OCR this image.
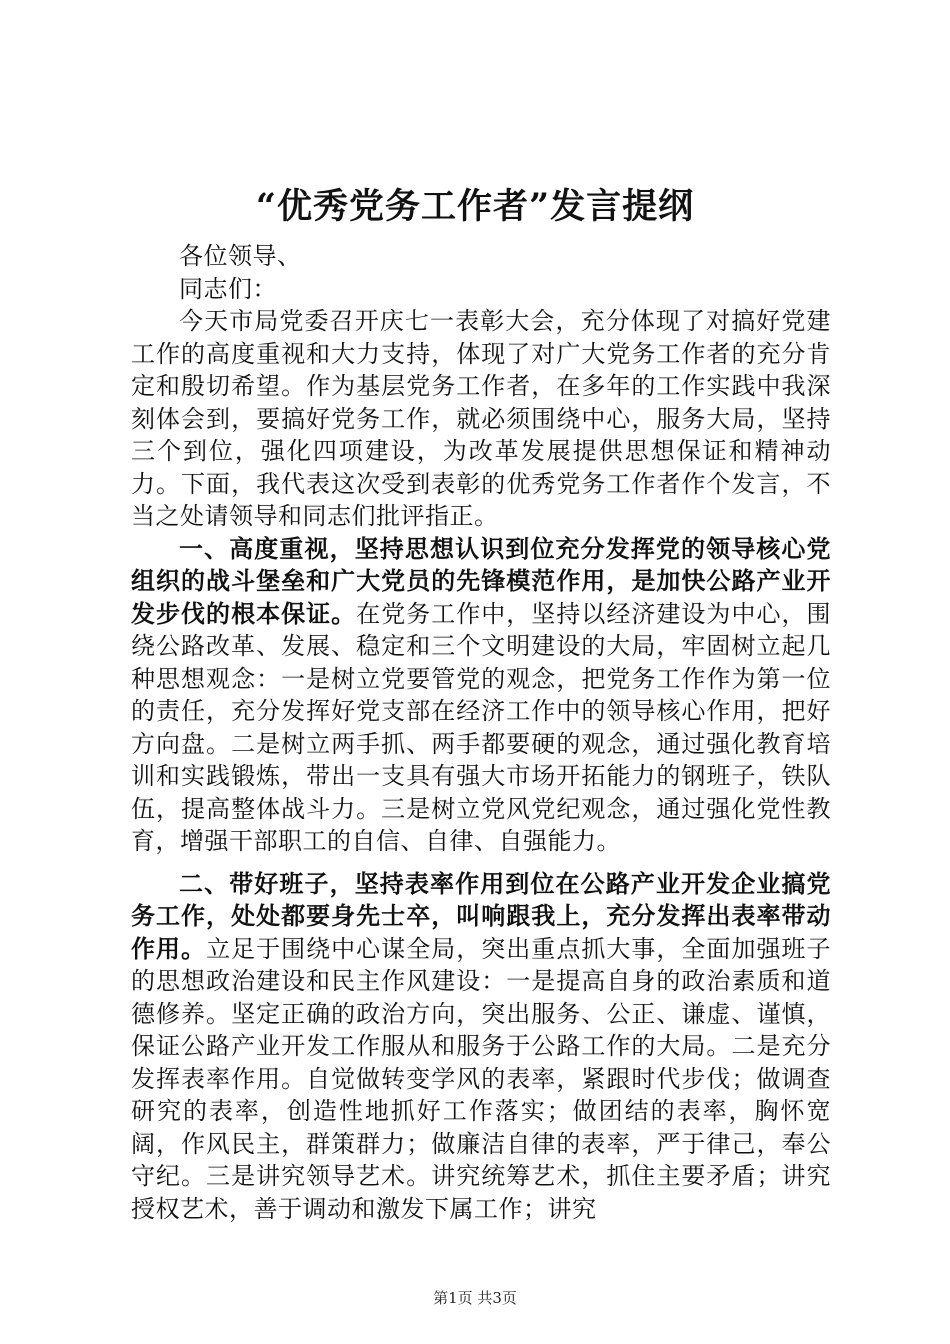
“优秀党务工作者”发言提纲

各位领导、

同志们：

今天市局党委召开庆七一表彰大会，充分体现了对搞好党建工作的高度重视和大力支持，体现了对广大党务工作者的充分肯定和殷切希望。作为基层党务工作者，在多年的工作实践中我深刻体会到，要搞好党务工作，就必须围绕中心，服务大局，坚持三个到位，强化四项建设，为改革发展提供思想保证和精神动力。下面，我代表这次受到表彰的优秀党务工作者作个发言，不当之处请领导和同志们批评指正。

一、高度重视，坚持思想认识到位充分发挥党的领导核心党组织的战斗堡垒和广大党员的先锋模范作用，是加快公路产业开发步伐的根本保证。在党务工作中，坚持以经济建设为中心，围绕公路改革、发展、稳定和三个文明建设的大局，牢固树立起几种思想观念：一是树立党要管党的观念，把党务工作作为第一位的责任，充分发挥好党支部在经济工作中的领导核心作用，把好方向盘。二是树立两手抓、两手都要硬的观念，通过强化教育培训和实践锻炼，带出一支具有强大市场开拓能力的钢班子，铁队伍，提高整体战斗力。三是树立党风党纪观念，通过强化党性教育，增强干部职工的自信、自律、自强能力。

二、带好班子，坚持表率作用到位在公路产业开发企业搞党务工作，处处都要身先士卒，叫响跟我上，充分发挥出表率带动作用。立足于围绕中心谋全局，突出重点抓大事，全面加强班子的思想政治建设和民主作风建设：一是提高自身的政治素质和道德修养。坚定正确的政治方向，突出服务、公正、谦虚、谨慎，保证公路产业开发工作服从和服务于公路工作的大局。二是充分发挥表率作用。自觉做转变学风的表率，紧跟时代步伐；做调查研究的表率，创造性地抓好工作落实；做团结的表率，胸怀宽阔，作风民主，群策群力；做廉洁自律的表率，严于律己，奉公守纪。三是讲究领导艺术。讲究统筹艺术，抓住主要矛盾；讲究授权艺术，善于调动和激发下属工作；讲究

第1页 共3页
